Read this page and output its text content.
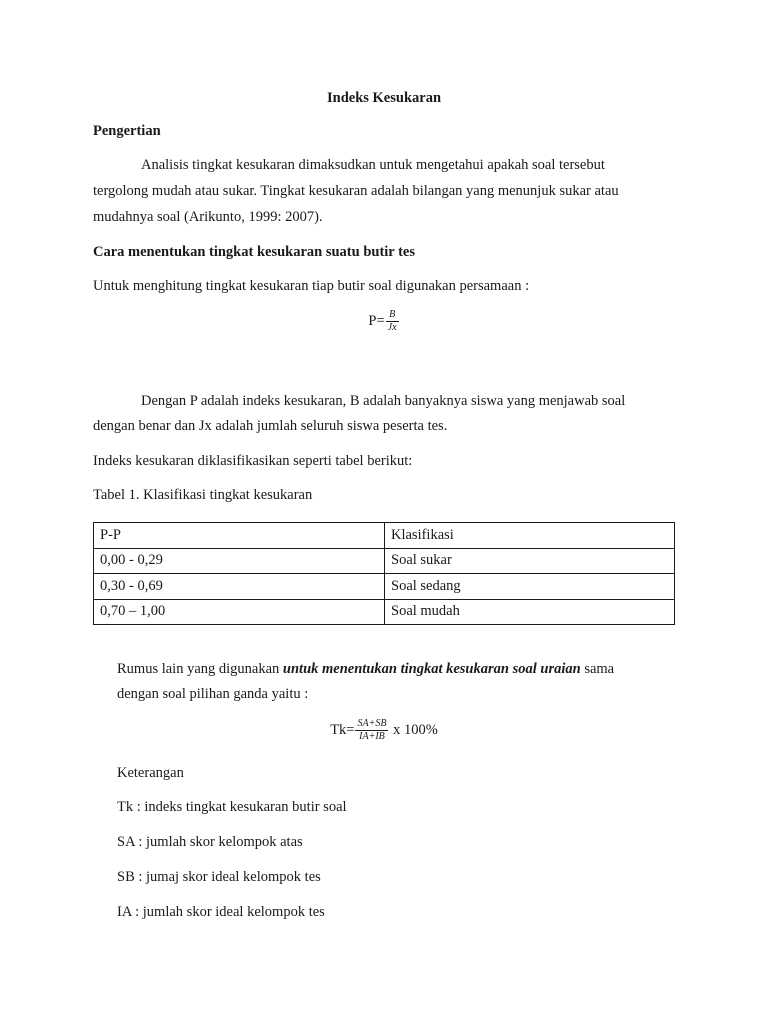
Indeks Kesukaran
Pengertian
Analisis tingkat kesukaran dimaksudkan untuk mengetahui apakah soal tersebut
tergolong mudah atau sukar. Tingkat kesukaran adalah bilangan yang menunjuk sukar atau
mudahnya soal (Arikunto, 1999: 2007).
Cara menentukan tingkat kesukaran suatu butir tes
Untuk menghitung tingkat kesukaran tiap butir soal digunakan persamaan :
$P= \frac{B}{Jx}$
Dengan P adalah indeks kesukaran, B adalah banyaknya siswa yang menjawab soal
dengan benar dan Jx adalah jumlah seluruh siswa peserta tes.
Indeks kesukaran diklasifikasikan seperti tabel berikut:
Tabel 1. Klasifikasi tingkat kesukaran
P-P	Klasifikasi
0,00 - 0,29	Soal sukar
0,30 - 0,69	Soal sedang
0,70 – 1,00	Soal mudah
Rumus lain yang digunakan untuk menentukan tingkat kesukaran soal uraian sama
dengan soal pilihan ganda yaitu :
$Tk= \frac{SA+SB}{IA+IB}$ x 100%
Keterangan
Tk : indeks tingkat kesukaran butir soal
SA : jumlah skor kelompok atas
SB : jumaj skor ideal kelompok tes
IA : jumlah skor ideal kelompok tes
